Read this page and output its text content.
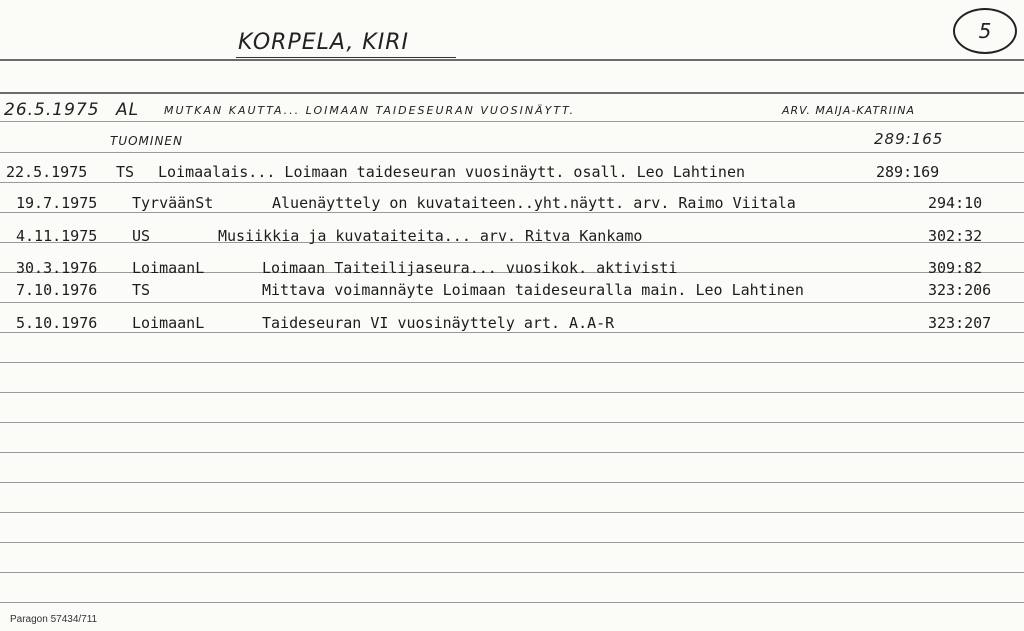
KORPELA, KIRI	5
26.5.1975 AL MUTKAN KAUTTA... LOIMAAN TAIDESEURAN VUOSINÄYTT.	ARV. MAIJA-KATRIINA
TUOMINEN	289:165
22.5.1975 TS Loimaalais... Loimaan taideseuran vuosinäytt. osall. Leo Lahtinen	289:169
19.7.1975 TyrväänSt	Aluenäyttely on kuvataiteen..yht.näytt. arv. Raimo Viitala	294:10
4.11.1975 US	Musiikkia ja kuvataiteita... arv. Ritva Kankamo	302:32
30.3.1976 LoimaanL	Loimaan Taiteilijaseura... vuosikok. aktivisti	309:82
7.10.1976 TS	Mittava voimannäyte Loimaan taideseuralla main. Leo Lahtinen	323:206
5.10.1976 LoimaanL	Taideseuran VI vuosinäyttely art. A.A-R	323:207
Paragon 57434/711
